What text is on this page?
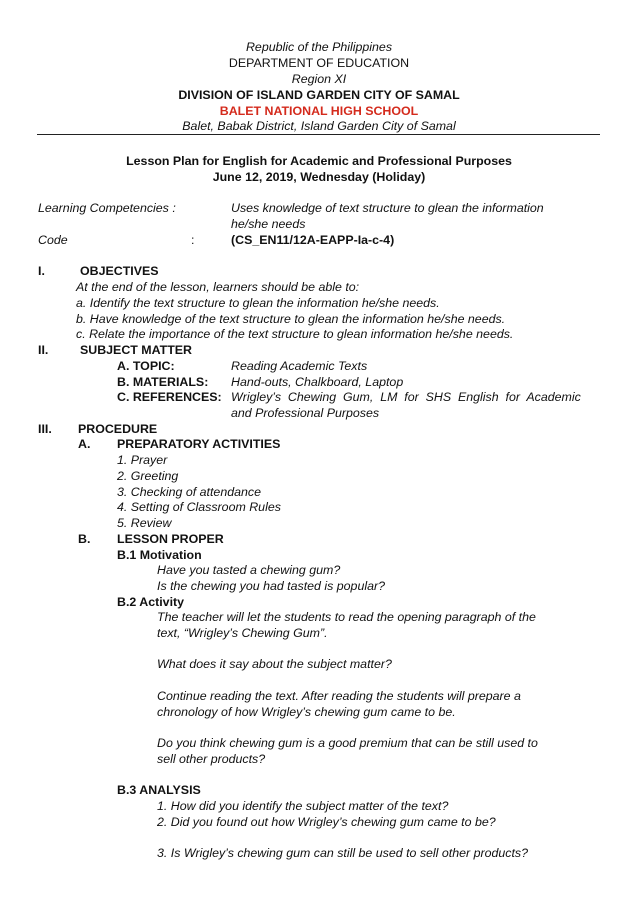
Republic of the Philippines
DEPARTMENT OF EDUCATION
Region XI
DIVISION OF ISLAND GARDEN CITY OF SAMAL
BALET NATIONAL HIGH SCHOOL
Balet, Babak District, Island Garden City of Samal
Lesson Plan for English for Academic and Professional Purposes
June 12, 2019, Wednesday (Holiday)
Learning Competencies :	Uses knowledge of text structure to glean the information
he/she needs
Code	:	(CS_EN11/12A-EAPP-Ia-c-4)
I.	OBJECTIVES
At the end of the lesson, learners should be able to:
a. Identify the text structure to glean the information he/she needs.
b. Have knowledge of the text structure to glean the information he/she needs.
c. Relate the importance of the text structure to glean information he/she needs.
II.	SUBJECT MATTER
A. TOPIC:	Reading Academic Texts
B. MATERIALS: Hand-outs, Chalkboard, Laptop
C. REFERENCES: Wrigley’s  Chewing  Gum,  LM  for  SHS  English  for  Academic
and Professional Purposes
III. PROCEDURE
A. PREPARATORY ACTIVITIES
1. Prayer
2. Greeting
3. Checking of attendance
4. Setting of Classroom Rules
5. Review
B. LESSON PROPER
B.1 Motivation
Have you tasted a chewing gum?
Is the chewing you had tasted is popular?
B.2 Activity
The teacher will let the students to read the opening paragraph of the
text, “Wrigley’s Chewing Gum”.
What does it say about the subject matter?
Continue reading the text. After reading the students will prepare a
chronology of how Wrigley’s chewing gum came to be.
Do you think chewing gum is a good premium that can be still used to
sell other products?
B.3 ANALYSIS
1. How did you identify the subject matter of the text?
2. Did you found out how Wrigley’s chewing gum came to be?
3. Is Wrigley’s chewing gum can still be used to sell other products?
